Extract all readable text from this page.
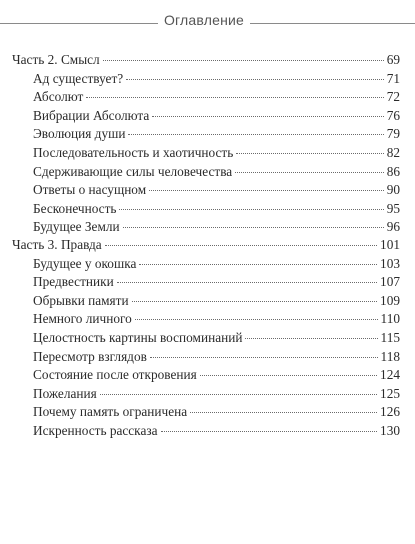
Оглавление
Часть 2. Смысл	69
Ад существует?	71
Абсолют	72
Вибрации Абсолюта	76
Эволюция души	79
Последовательность и хаотичность	82
Сдерживающие силы человечества	86
Ответы о насущном	90
Бесконечность	95
Будущее Земли	96
Часть 3. Правда	101
Будущее у окошка	103
Предвестники	107
Обрывки памяти	109
Немного личного	110
Целостность картины воспоминаний	115
Пересмотр взглядов	118
Состояние после откровения	124
Пожелания	125
Почему память ограничена	126
Искренность рассказа	130
